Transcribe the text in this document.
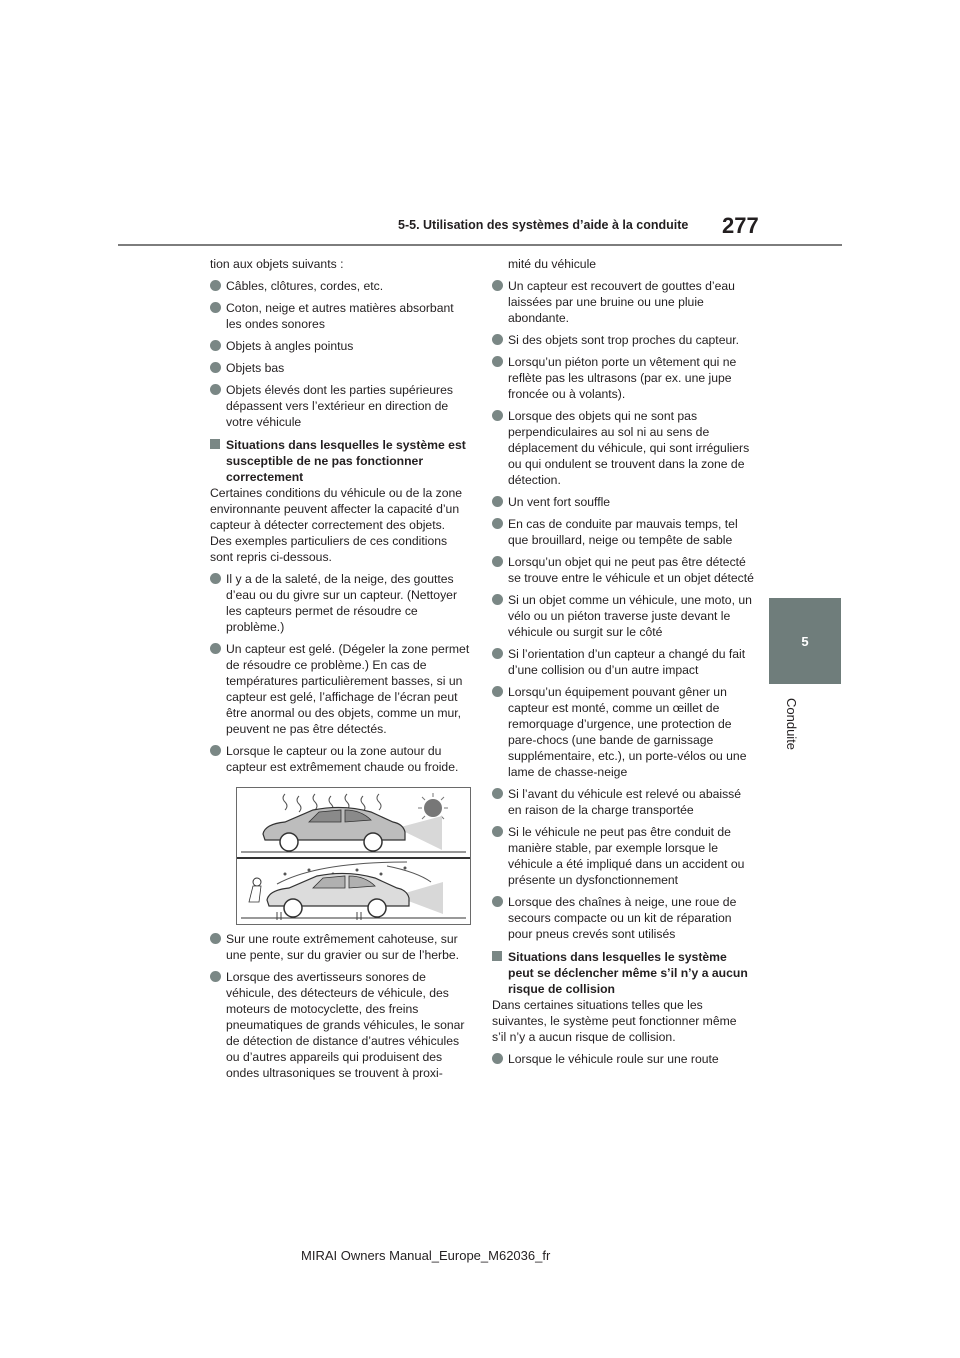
5-5. Utilisation des systèmes d’aide à la conduite 277
5
Conduite

tion aux objets suivants :

Câbles, clôtures, cordes, etc.
Coton, neige et autres matières absorbant les ondes sonores
Objets à angles pointus
Objets bas
Objets élevés dont les parties supérieures dépassent vers l’extérieur en direction de votre véhicule
Situations dans lesquelles le système est susceptible de ne pas fonctionner correctement

Certaines conditions du véhicule ou de la zone environnante peuvent affecter la capacité d’un capteur à détecter correctement des objets. Des exemples particuliers de ces conditions sont repris ci-dessous.

Il y a de la saleté, de la neige, des gouttes d’eau ou du givre sur un capteur. (Nettoyer les capteurs permet de résoudre ce problème.)
Un capteur est gelé. (Dégeler la zone permet de résoudre ce problème.) En cas de températures particulièrement basses, si un capteur est gelé, l’affichage de l’écran peut être anormal ou des objets, comme un mur, peuvent ne pas être détectés.
Lorsque le capteur ou la zone autour du capteur est extrêmement chaude ou froide.
Sur une route extrêmement cahoteuse, sur une pente, sur du gravier ou sur de l’herbe.
Lorsque des avertisseurs sonores de véhicule, des détecteurs de véhicule, des moteurs de motocyclette, des freins pneumatiques de grands véhicules, le sonar de détection de distance d’autres véhicules ou d’autres appareils qui produisent des ondes ultrasoniques se trouvent à proxi-

mité du véhicule

Un capteur est recouvert de gouttes d’eau laissées par une bruine ou une pluie abondante.
Si des objets sont trop proches du capteur.
Lorsqu’un piéton porte un vêtement qui ne reflète pas les ultrasons (par ex. une jupe froncée ou à volants).
Lorsque des objets qui ne sont pas perpendiculaires au sol ni au sens de déplacement du véhicule, qui sont irréguliers ou qui ondulent se trouvent dans la zone de détection.
Un vent fort souffle
En cas de conduite par mauvais temps, tel que brouillard, neige ou tempête de sable
Lorsqu’un objet qui ne peut pas être détecté se trouve entre le véhicule et un objet détecté
Si un objet comme un véhicule, une moto, un vélo ou un piéton traverse juste devant le véhicule ou surgit sur le côté
Si l’orientation d’un capteur a changé du fait d’une collision ou d’un autre impact
Lorsqu’un équipement pouvant gêner un capteur est monté, comme un œillet de remorquage d’urgence, une protection de pare-chocs (une bande de garnissage supplémentaire, etc.), un porte-vélos ou une lame de chasse-neige
Si l’avant du véhicule est relevé ou abaissé en raison de la charge transportée
Si le véhicule ne peut pas être conduit de manière stable, par exemple lorsque le véhicule a été impliqué dans un accident ou présente un dysfonctionnement
Lorsque des chaînes à neige, une roue de secours compacte ou un kit de réparation pour pneus crevés sont utilisés
Situations dans lesquelles le système peut se déclencher même s’il n’y a aucun risque de collision

Dans certaines situations telles que les suivantes, le système peut fonctionner même s’il n’y a aucun risque de collision.

Lorsque le véhicule roule sur une route
MIRAI Owners Manual_Europe_M62036_fr
